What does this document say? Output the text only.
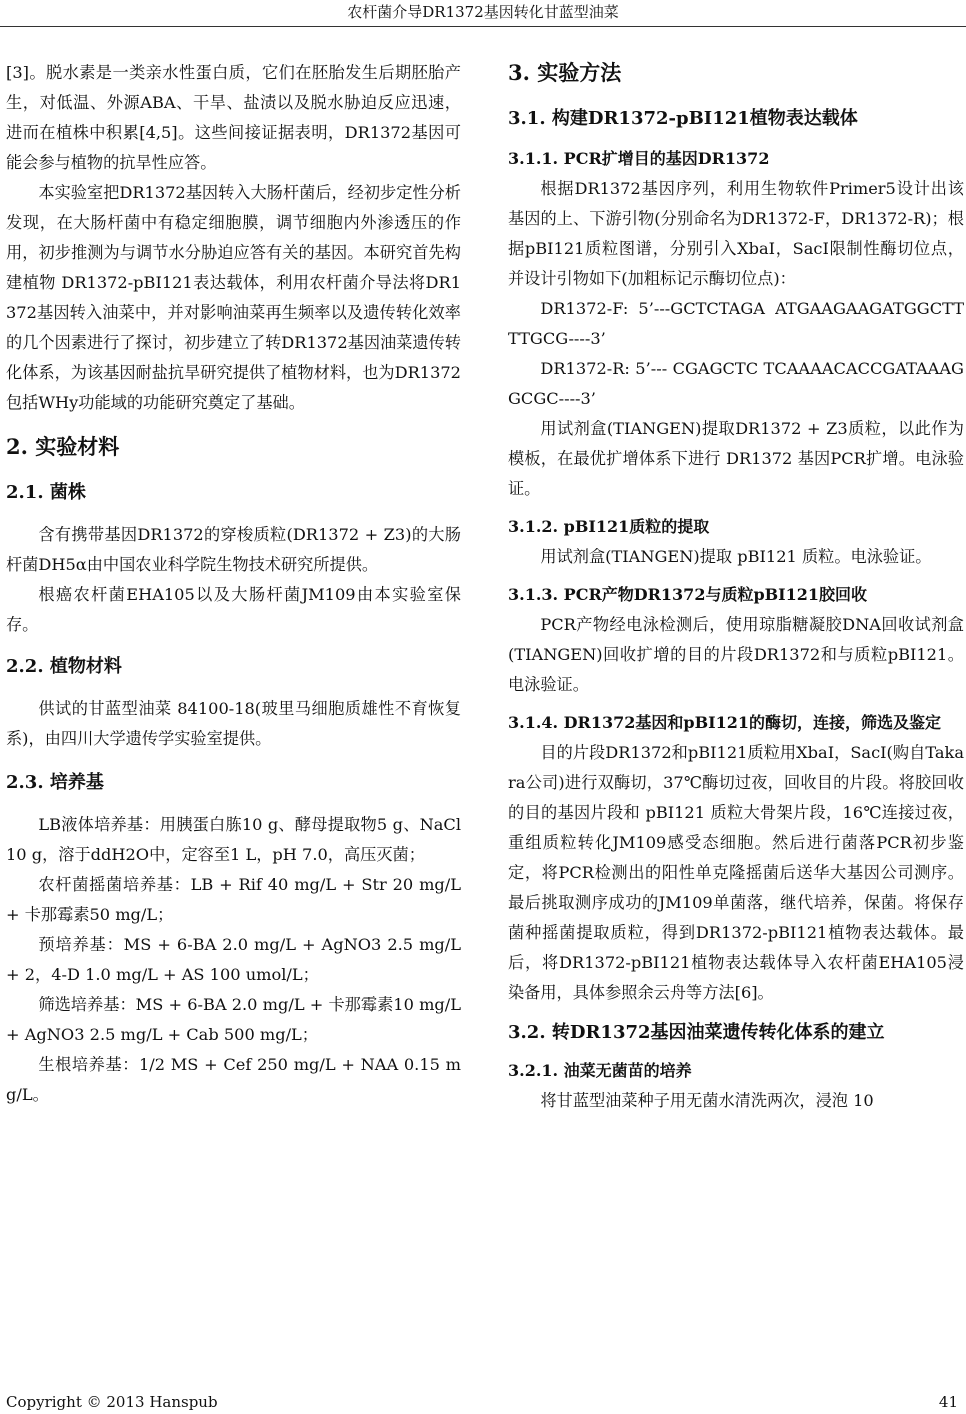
农杆菌介导DR1372基因转化甘蓝型油菜

[3]。脱水素是一类亲水性蛋白质，它们在胚胎发生后期胚胎产生，对低温、外源ABA、干旱、盐渍以及脱水胁迫反应迅速，进而在植株中积累[4,5]。这些间接证据表明，DR1372基因可能会参与植物的抗旱性应答。

本实验室把DR1372基因转入大肠杆菌后，经初步定性分析发现，在大肠杆菌中有稳定细胞膜，调节细胞内外渗透压的作用，初步推测为与调节水分胁迫应答有关的基因。本研究首先构建植物 DR1372-pBI121表达载体，利用农杆菌介导法将DR1372基因转入油菜中，并对影响油菜再生频率以及遗传转化效率的几个因素进行了探讨，初步建立了转DR1372基因油菜遗传转化体系，为该基因耐盐抗旱研究提供了植物材料，也为DR1372包括WHy功能域的功能研究奠定了基础。

2. 实验材料
2.1. 菌株

含有携带基因DR1372的穿梭质粒(DR1372 + Z3)的大肠杆菌DH5α由中国农业科学院生物技术研究所提供。

根癌农杆菌EHA105以及大肠杆菌JM109由本实验室保存。

2.2. 植物材料

供试的甘蓝型油菜 84100-18(玻里马细胞质雄性不育恢复系)，由四川大学遗传学实验室提供。

2.3. 培养基

LB液体培养基：用胰蛋白胨10 g、酵母提取物5 g、NaCl 10 g，溶于ddH2O中，定容至1 L，pH 7.0，高压灭菌；

农杆菌摇菌培养基：LB + Rif 40 mg/L + Str 20 mg/L + 卡那霉素50 mg/L；

预培养基：MS + 6-BA 2.0 mg/L + AgNO3 2.5 mg/L + 2，4-D 1.0 mg/L + AS 100 umol/L；

筛选培养基：MS + 6-BA 2.0 mg/L + 卡那霉素10 mg/L + AgNO3 2.5 mg/L + Cab 500 mg/L；

生根培养基：1/2 MS + Cef 250 mg/L + NAA 0.15 mg/L。

3. 实验方法
3.1. 构建DR1372-pBI121植物表达载体
3.1.1. PCR扩增目的基因DR1372

根据DR1372基因序列，利用生物软件Primer5设计出该基因的上、下游引物(分别命名为DR1372-F，DR1372-R)；根据pBI121质粒图谱，分别引入XbaI，SacI限制性酶切位点，并设计引物如下(加粗标记示酶切位点)：

DR1372-F: 5’---GCTCTAGA ATGAAGAAGATGGCTTTTGCG----3’

DR1372-R: 5’--- CGAGCTC TCAAAACACCGATAAAGGCGC----3’

用试剂盒(TIANGEN)提取DR1372 + Z3质粒，以此作为模板，在最优扩增体系下进行 DR1372 基因PCR扩增。电泳验证。

3.1.2. pBI121质粒的提取

用试剂盒(TIANGEN)提取 pBI121 质粒。电泳验证。

3.1.3. PCR产物DR1372与质粒pBI121胶回收

PCR产物经电泳检测后，使用琼脂糖凝胶DNA回收试剂盒(TIANGEN)回收扩增的目的片段DR1372和与质粒pBI121。电泳验证。

3.1.4. DR1372基因和pBI121的酶切，连接，筛选及鉴定

目的片段DR1372和pBI121质粒用XbaI，SacI(购自Takara公司)进行双酶切，37℃酶切过夜，回收目的片段。将胶回收的目的基因片段和 pBI121 质粒大骨架片段，16℃连接过夜，重组质粒转化JM109感受态细胞。然后进行菌落PCR初步鉴定，将PCR检测出的阳性单克隆摇菌后送华大基因公司测序。最后挑取测序成功的JM109单菌落，继代培养，保菌。将保存菌种摇菌提取质粒，得到DR1372-pBI121植物表达载体。最后，将DR1372-pBI121植物表达载体导入农杆菌EHA105浸染备用，具体参照余云舟等方法[6]。

3.2. 转DR1372基因油菜遗传转化体系的建立
3.2.1. 油菜无菌苗的培养

将甘蓝型油菜种子用无菌水清洗两次，浸泡 10

Copyright © 2013 Hanspub	41
